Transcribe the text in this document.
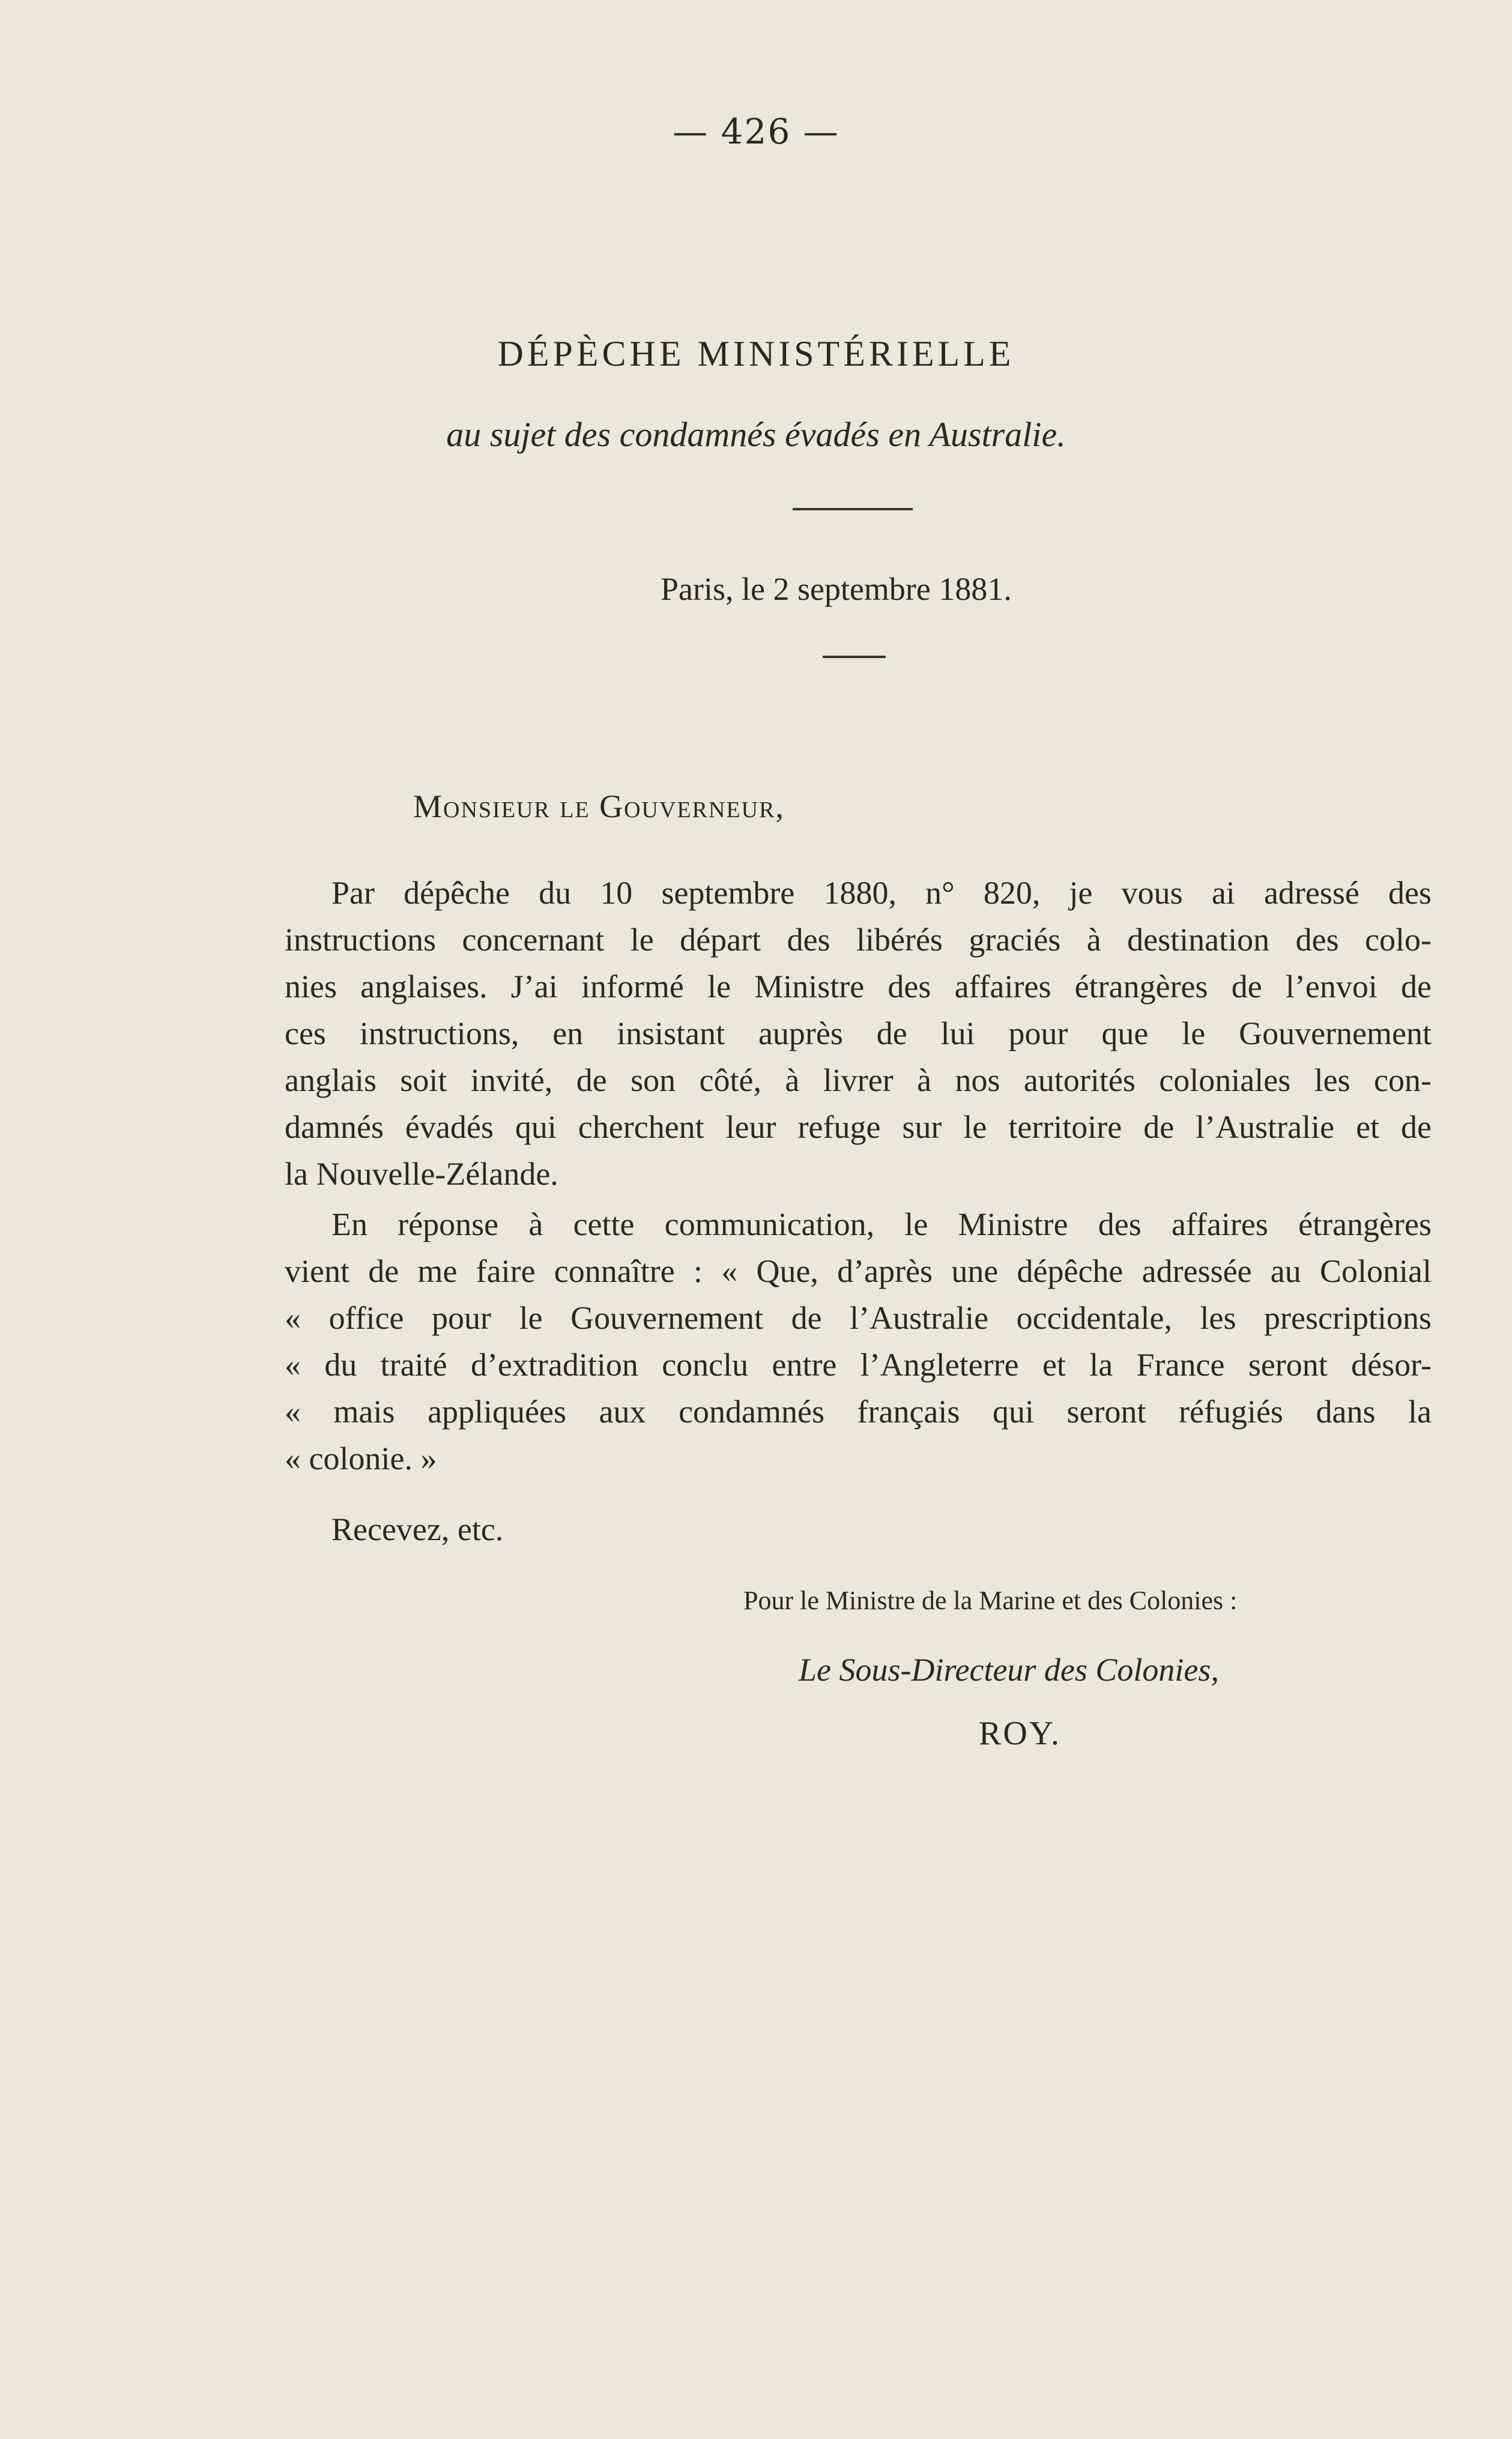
— 426 —
DÉPÈCHE MINISTÉRIELLE
au sujet des condamnés évadés en Australie.
Paris, le 2 septembre 1881.
Monsieur le Gouverneur,
Par dépêche du 10 septembre 1880, n° 820, je vous ai adressé des
instructions concernant le départ des libérés graciés à destination des colo-
nies anglaises. J’ai informé le Ministre des affaires étrangères de l’envoi de
ces instructions, en insistant auprès de lui pour que le Gouvernement
anglais soit invité, de son côté, à livrer à nos autorités coloniales les con-
damnés évadés qui cherchent leur refuge sur le territoire de l’Australie et de
la Nouvelle-Zélande.
En réponse à cette communication, le Ministre des affaires étrangères
vient de me faire connaître : « Que, d’après une dépêche adressée au Colonial
« office pour le Gouvernement de l’Australie occidentale, les prescriptions
« du traité d’extradition conclu entre l’Angleterre et la France seront désor-
« mais appliquées aux condamnés français qui seront réfugiés dans la
« colonie. »
Recevez, etc.
Pour le Ministre de la Marine et des Colonies :
Le Sous-Directeur des Colonies,
ROY.
